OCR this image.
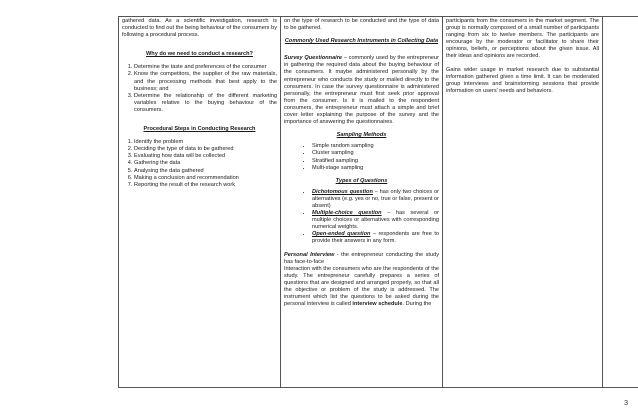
gathered data. As a scientific investigation, research is conducted to find out the being behaviour of the consumers by following a procedural process.

Why do we need to conduct a research?

1. Determine the taste and preferences of the consumer
2. Know the competitors, the supplier of the raw materials, and the processing methods that best apply to the business; and
3. Determine the relationship of the different marketing variables relative to the buying behaviour of the consumers.

Procedural Steps in Conducting Research

1. Identify the problem
2. Deciding the type of data to be gathered
3. Evaluating how data will be collected
4. Gathering the data
5. Analysing the data gathered
6. Making a conclusion and recommendation
7. Reporting the result of the research work

on the type of research to be conducted and the type of data to be gathered.

Commonly Used Research Instruments in Collecting Data

Survey Questionnaire – commonly used by the entrepreneur in gathering the required data about the buying behaviour of the consumers. It maybe administered personally by the entrepreneur who conducts the study or mailed directly to the consumers. In case the survey questionnaire is administered personally, the entrepreneur must first seek prior approval from the consumer. Is it is mailed to the respondent consumers, the entrepreneur must attach a simple and brief cover letter explaining the purpose of the survey and the importance of answering the questionnaires.

Sampling Methods

• Simple random sampling
• Cluster sampling
• Stratified sampling
• Multi-stage sampling

Types of Questions

• Dichotomous question – has only two choices or alternatives (e.g. yes or no, true or false, present or absent)
• Multiple-choice question – has several or multiple choices or alternatives with corresponding numerical weights.
• Open-ended question – respondents are free to provide their answers in any form.

Personal Interview - the entrepreneur conducting the study has face-to-face

Interaction with the consumers who are the respondents of the study. The entrepreneur carefully prepares a series of questions that are designed and arranged properly, so that all the objective or problem of the study is addressed. The instrument which list the questions to be asked during the personal interview is called interview schedule. During the

participants from the consumers in the market segment. The group is normally composed of a small number of participants ranging from six to twelve members. The participants are encourage by the moderator or facilitator to share their opinions, beliefs, or perceptions about the given issue. All their ideas and opinions are recorded.

Gains wider usage in market research due to substantial information gathered given a time limit. It can be moderated group interviews and brainstorming sessions that provide information on users' needs and behaviors.

3
